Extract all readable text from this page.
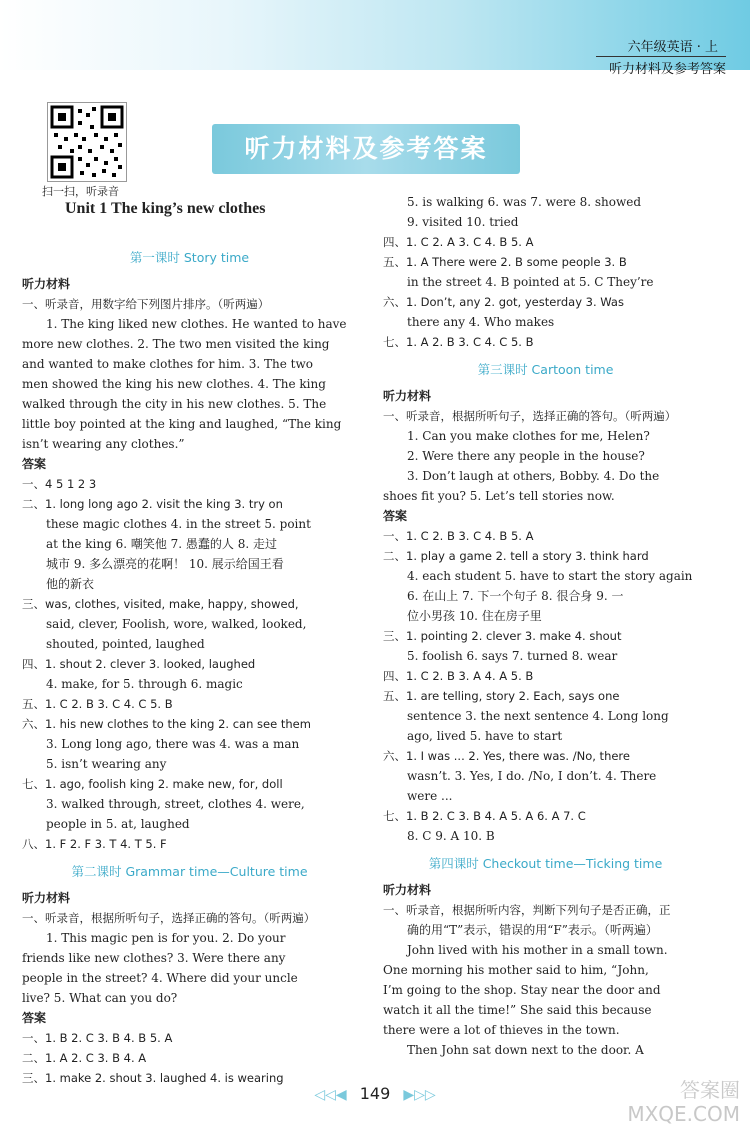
六年级英语 · 上
听力材料及参考答案
扫一扫，听录音
听力材料及参考答案
Unit 1 The king’s new clothes
第一课时 Story time
听力材料
一、听录音，用数字给下列图片排序。（听两遍）
1. The king liked new clothes. He wanted to have
more new clothes. 2. The two men visited the king
and wanted to make clothes for him. 3. The two
men showed the king his new clothes. 4. The king
walked through the city in his new clothes. 5. The
little boy pointed at the king and laughed, “The king
isn’t wearing any clothes.”
答案
一、4 5 1 2 3
二、1. long long ago 2. visit the king 3. try on
these magic clothes 4. in the street 5. point
at the king 6. 嘲笑他 7. 愚蠢的人 8. 走过
城市 9. 多么漂亮的花啊！ 10. 展示给国王看
他的新衣
三、was, clothes, visited, make, happy, showed,
said, clever, Foolish, wore, walked, looked,
shouted, pointed, laughed
四、1. shout 2. clever 3. looked, laughed
4. make, for 5. through 6. magic
五、1. C 2. B 3. C 4. C 5. B
六、1. his new clothes to the king 2. can see them
3. Long long ago, there was 4. was a man
5. isn’t wearing any
七、1. ago, foolish king 2. make new, for, doll
3. walked through, street, clothes 4. were,
people in 5. at, laughed
八、1. F 2. F 3. T 4. T 5. F
第二课时 Grammar time—Culture time
听力材料
一、听录音，根据所听句子，选择正确的答句。（听两遍）
1. This magic pen is for you. 2. Do your
friends like new clothes? 3. Were there any
people in the street? 4. Where did your uncle
live? 5. What can you do?
答案
一、1. B 2. C 3. B 4. B 5. A
二、1. A 2. C 3. B 4. A
三、1. make 2. shout 3. laughed 4. is wearing
5. is walking 6. was 7. were 8. showed
9. visited 10. tried
四、1. C 2. A 3. C 4. B 5. A
五、1. A There were 2. B some people 3. B
in the street 4. B pointed at 5. C They’re
六、1. Don’t, any 2. got, yesterday 3. Was
there any 4. Who makes
七、1. A 2. B 3. C 4. C 5. B
第三课时 Cartoon time
听力材料
一、听录音，根据所听句子，选择正确的答句。（听两遍）
1. Can you make clothes for me, Helen?
2. Were there any people in the house?
3. Don’t laugh at others, Bobby. 4. Do the
shoes fit you? 5. Let’s tell stories now.
答案
一、1. C 2. B 3. C 4. B 5. A
二、1. play a game 2. tell a story 3. think hard
4. each student 5. have to start the story again
6. 在山上 7. 下一个句子 8. 很合身 9. 一
位小男孩 10. 住在房子里
三、1. pointing 2. clever 3. make 4. shout
5. foolish 6. says 7. turned 8. wear
四、1. C 2. B 3. A 4. A 5. B
五、1. are telling, story 2. Each, says one
sentence 3. the next sentence 4. Long long
ago, lived 5. have to start
六、1. I was ... 2. Yes, there was. /No, there
wasn’t. 3. Yes, I do. /No, I don’t. 4. There
were ...
七、1. B 2. C 3. B 4. A 5. A 6. A 7. C
8. C 9. A 10. B
第四课时 Checkout time—Ticking time
听力材料
一、听录音，根据所听内容，判断下列句子是否正确，正
确的用“T”表示，错误的用“F”表示。（听两遍）
John lived with his mother in a small town.
One morning his mother said to him, “John,
I’m going to the shop. Stay near the door and
watch it all the time!” She said this because
there were a lot of thieves in the town.
Then John sat down next to the door. A
◁◁◀ 149 ▶▷▷	答案圈 MXQE.COM
